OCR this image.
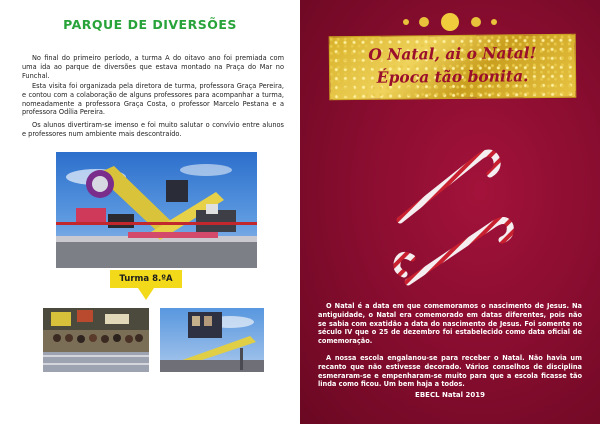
PARQUE DE DIVERSÕES

No final do primeiro período, a turma A do oitavo ano foi premiada com uma ida ao parque de diversões que estava montado na Praça do Mar no Funchal.

Esta visita foi organizada pela diretora de turma, professora Graça Pereira, e contou com a colaboração de alguns professores para acompanhar a turma, nomeadamente a professora Graça Costa, o professor Marcelo Pestana e a professora Odília Pereira.

Os alunos divertiram-se imenso e foi muito salutar o convívio entre alunos e professores num ambiente mais descontraído.

Turma 8.ºA
O Natal, ai o Natal!
Época tão bonita.

O Natal é a data em que comemoramos o nascimento de Jesus. Na antiguidade, o Natal era comemorado em datas diferentes, pois não se sabia com exatidão a data do nascimento de Jesus. Foi somente no século IV que o 25 de dezembro foi estabelecido como data oficial de comemoração.

A nossa escola engalanou-se para receber o Natal. Não havia um recanto que não estivesse decorado. Vários conselhos de disciplina esmeraram-se e empenharam-se muito para que a escola ficasse tão linda como ficou. Um bem haja a todos.

EBECL Natal 2019
